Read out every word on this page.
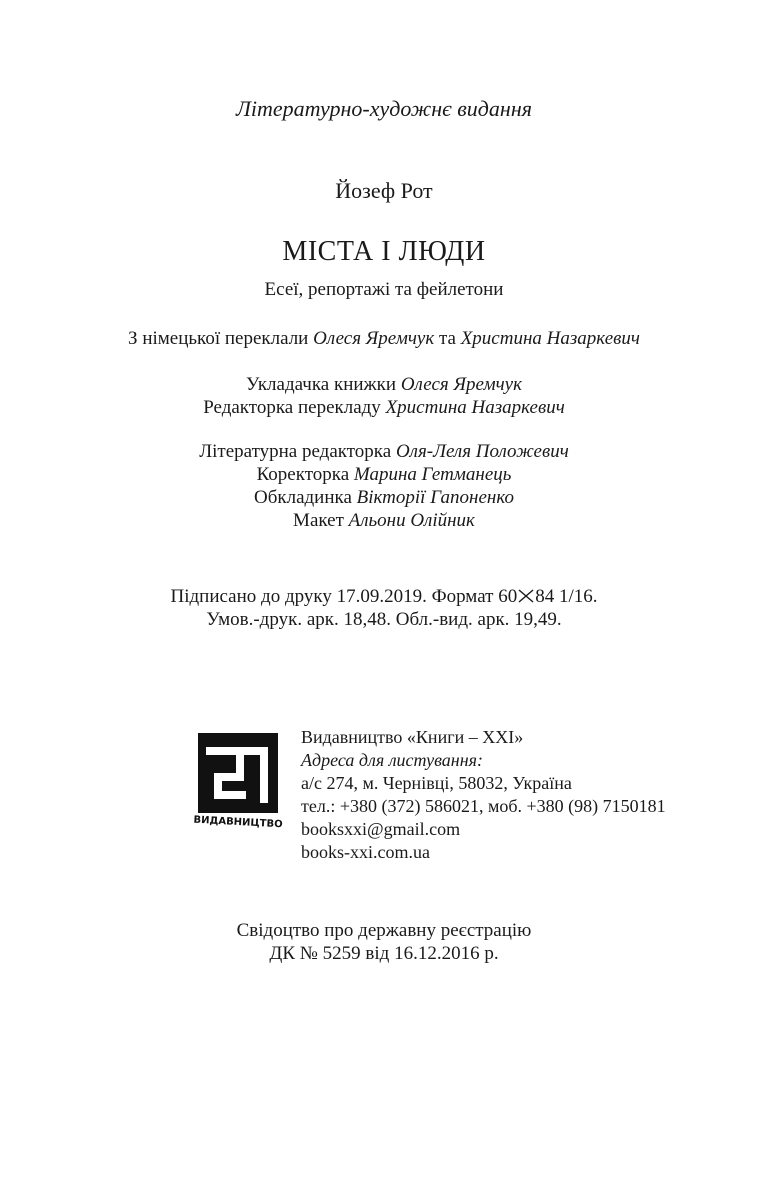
Літературно-художнє видання
Йозеф Рот
МІСТА І ЛЮДИ
Есеї, репортажі та фейлетони
З німецької переклали Олеся Яремчук та Христина Назаркевич
Укладачка книжки Олеся Яремчук
Редакторка перекладу Христина Назаркевич
Літературна редакторка Оля-Леля Положевич
Коректорка Марина Гетманець
Обкладинка Вікторії Гапоненко
Макет Альони Олійник
Підписано до друку 17.09.2019. Формат 60 84 1/16.
Умов.-друк. арк. 18,48. Обл.-вид. арк. 19,49.
ВИДАВНИЦТВО
Видавництво «Книги – XXI»
Адреса для листування:
а/с 274, м. Чернівці, 58032, Україна
тел.: +380 (372) 586021, моб. +380 (98) 7150181
booksxxi@gmail.com
books-xxi.com.ua
Свідоцтво про державну реєстрацію
ДК № 5259 від 16.12.2016 р.
